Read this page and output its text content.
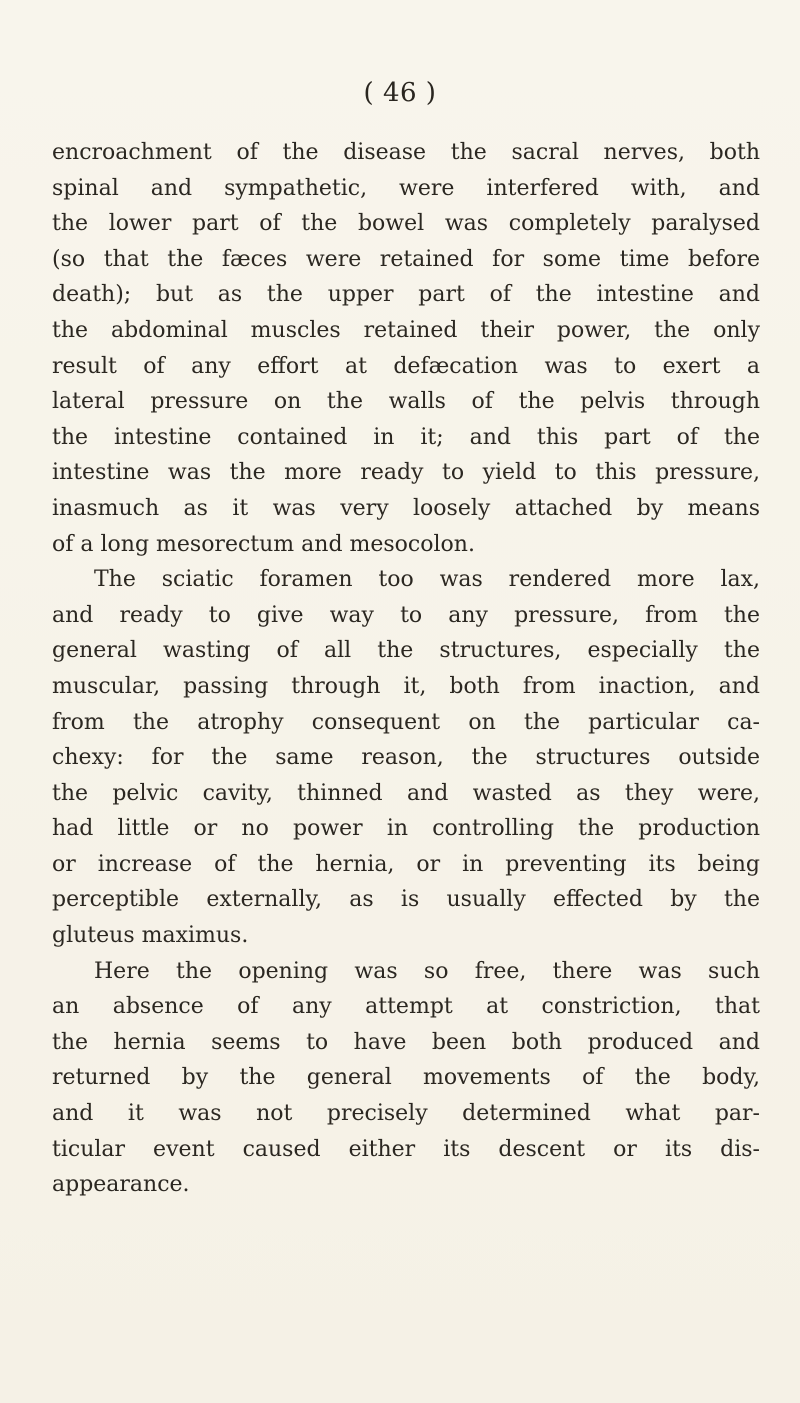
( 46 )
encroachment of the disease the sacral nerves, both
spinal and sympathetic, were interfered with, and
the lower part of the bowel was completely paralysed
(so that the fæces were retained for some time before
death); but as the upper part of the intestine and
the abdominal muscles retained their power, the only
result of any effort at defæcation was to exert a
lateral pressure on the walls of the pelvis through
the intestine contained in it; and this part of the
intestine was the more ready to yield to this pressure,
inasmuch as it was very loosely attached by means
of a long mesorectum and mesocolon.
The sciatic foramen too was rendered more lax,
and ready to give way to any pressure, from the
general wasting of all the structures, especially the
muscular, passing through it, both from inaction, and
from the atrophy consequent on the particular ca-
chexy: for the same reason, the structures outside
the pelvic cavity, thinned and wasted as they were,
had little or no power in controlling the production
or increase of the hernia, or in preventing its being
perceptible externally, as is usually effected by the
gluteus maximus.
Here the opening was so free, there was such
an absence of any attempt at constriction, that
the hernia seems to have been both produced and
returned by the general movements of the body,
and it was not precisely determined what par-
ticular event caused either its descent or its dis-
appearance.
